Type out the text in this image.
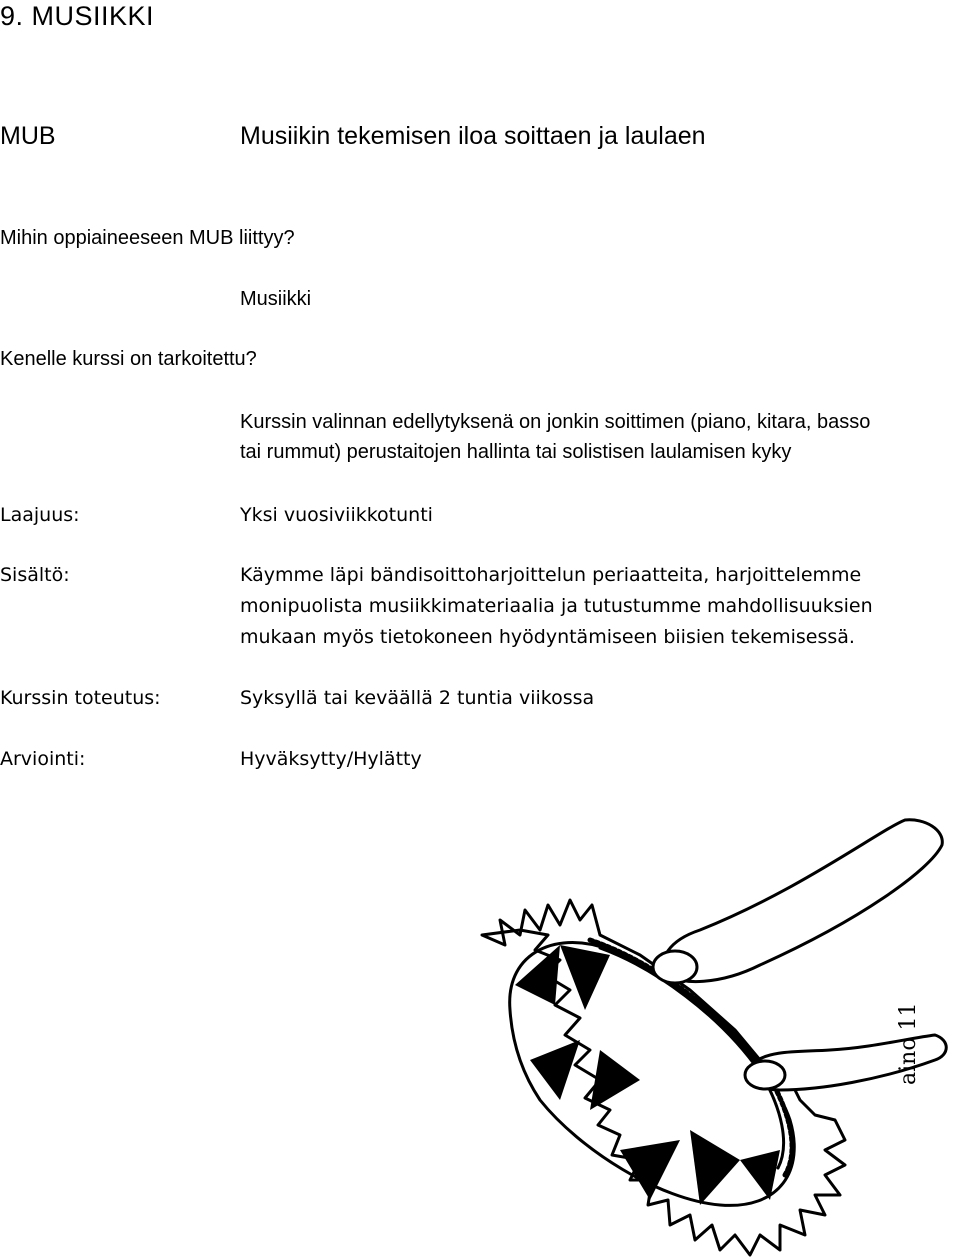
9. MUSIIKKI
MUB	Musiikin tekemisen iloa soittaen ja laulaen
Mihin oppiaineeseen MUB liittyy?
Musiikki
Kenelle kurssi on tarkoitettu?
Kurssin valinnan edellytyksenä on jonkin soittimen (piano, kitara, basso
tai rummut) perustaitojen hallinta tai solistisen laulamisen kyky
Laajuus:	Yksi vuosiviikkotunti
Sisältö:	Käymme läpi bändisoittoharjoittelun periaatteita, harjoittelemme
monipuolista musiikkimateriaalia ja tutustumme mahdollisuuksien
mukaan myös tietokoneen hyödyntämiseen biisien tekemisessä.
Kurssin toteutus:	Syksyllä tai keväällä 2 tuntia viikossa
Arviointi:	Hyväksytty/Hylätty
aino 11
